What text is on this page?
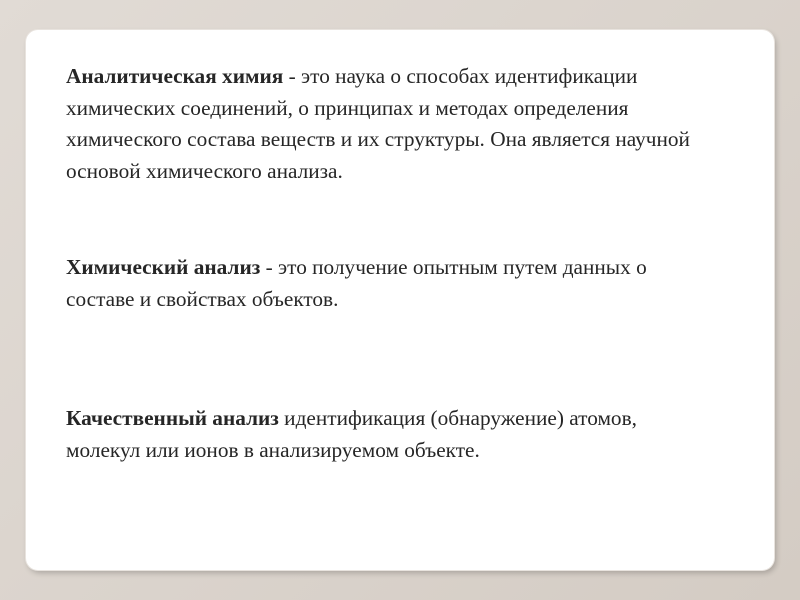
Аналитическая химия - это наука о способах идентификации химических соединений, о принципах и методах определения химического состава веществ и их структуры. Она является научной основой химического анализа.

Химический анализ - это получение опытным путем данных о составе и свойствах объектов.

Качественный анализ идентификация (обнаружение) атомов, молекул или ионов в анализируемом объекте.
